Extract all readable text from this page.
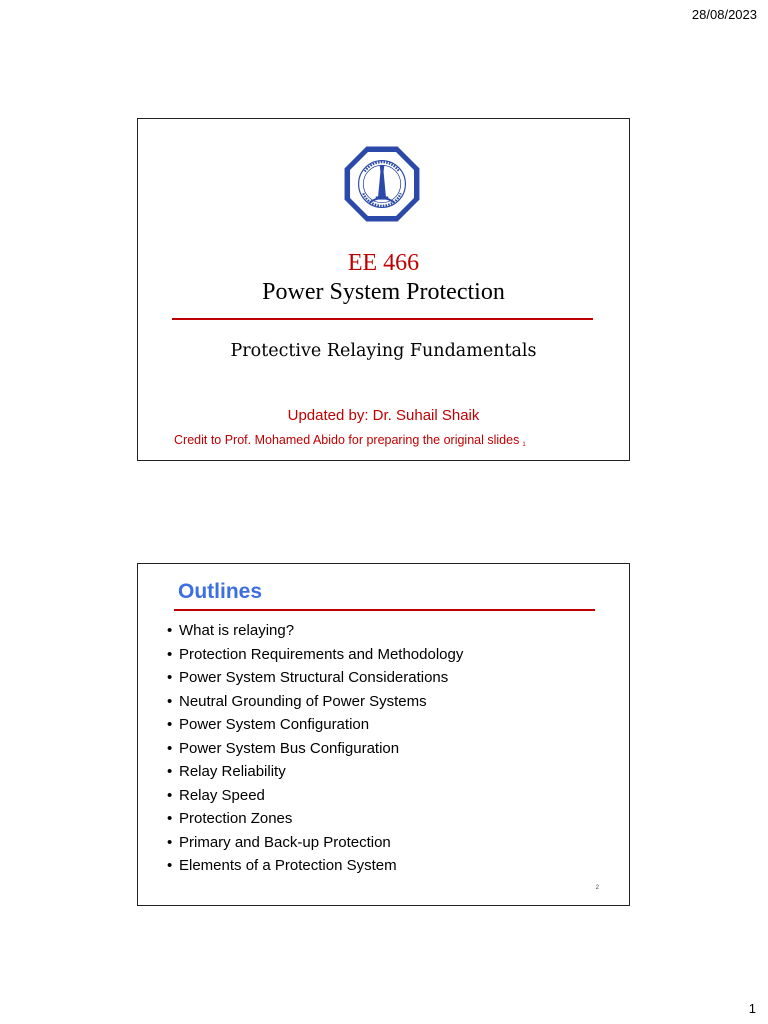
28/08/2023
EE 466
Power System Protection
Protective Relaying Fundamentals
Updated by: Dr. Suhail Shaik
Credit to Prof. Mohamed Abido for preparing the original slides 1
Outlines
• What is relaying?
• Protection Requirements and Methodology
• Power System Structural Considerations
• Neutral Grounding of Power Systems
• Power System Configuration
• Power System Bus Configuration
• Relay Reliability
• Relay Speed
• Protection Zones
• Primary and Back-up Protection
• Elements of a Protection System
2
1
